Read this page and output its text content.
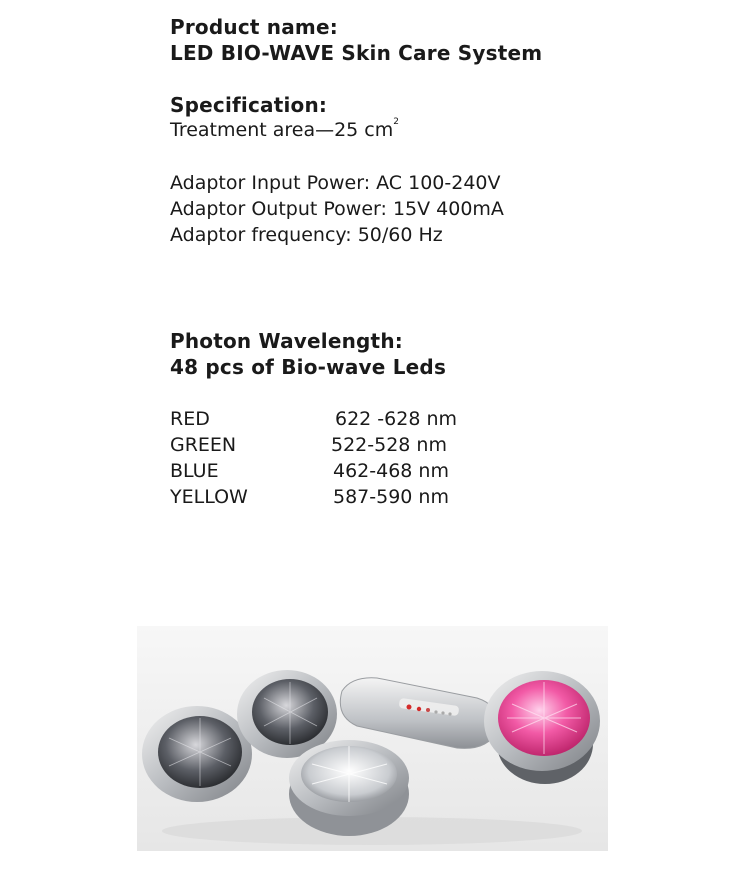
Product name:
LED BIO-WAVE Skin Care System
Specification:
Treatment area—25 $cm^2$
Adaptor Input Power: AC 100-240V
Adaptor Output Power: 15V 400mA
Adaptor frequency: 50/60 Hz
Photon Wavelength:
48 pcs of Bio-wave Leds
RED	622 -628 nm
GREEN	522-528 nm
BLUE	462-468 nm
YELLOW	587-590 nm
